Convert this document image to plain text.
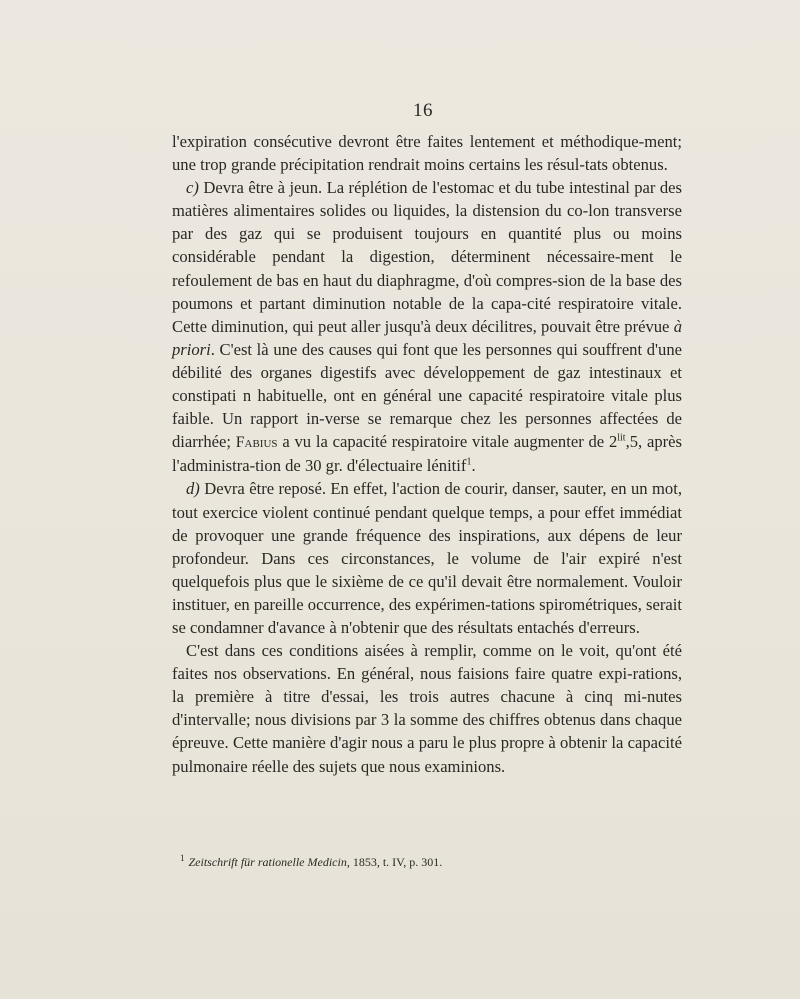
16

l'expiration consécutive devront être faites lentement et méthodique-ment; une trop grande précipitation rendrait moins certains les résul-tats obtenus.

c) Devra être à jeun. La réplétion de l'estomac et du tube intestinal par des matières alimentaires solides ou liquides, la distension du co-lon transverse par des gaz qui se produisent toujours en quantité plus ou moins considérable pendant la digestion, déterminent nécessaire-ment le refoulement de bas en haut du diaphragme, d'où compres-sion de la base des poumons et partant diminution notable de la capa-cité respiratoire vitale. Cette diminution, qui peut aller jusqu'à deux décilitres, pouvait être prévue à priori. C'est là une des causes qui font que les personnes qui souffrent d'une débilité des organes digestifs avec développement de gaz intestinaux et constipati n habituelle, ont en général une capacité respiratoire vitale plus faible. Un rapport in-verse se remarque chez les personnes affectées de diarrhée; Fabius a vu la capacité respiratoire vitale augmenter de $2^{lit},5$, après l'administra-tion de 30 gr. d'électuaire lénitif$^1$.

d) Devra être reposé. En effet, l'action de courir, danser, sauter, en un mot, tout exercice violent continué pendant quelque temps, a pour effet immédiat de provoquer une grande fréquence des inspirations, aux dépens de leur profondeur. Dans ces circonstances, le volume de l'air expiré n'est quelquefois plus que le sixième de ce qu'il devait être normalement. Vouloir instituer, en pareille occurrence, des expérimen-tations spirométriques, serait se condamner d'avance à n'obtenir que des résultats entachés d'erreurs.

C'est dans ces conditions aisées à remplir, comme on le voit, qu'ont été faites nos observations. En général, nous faisions faire quatre expi-rations, la première à titre d'essai, les trois autres chacune à cinq mi-nutes d'intervalle; nous divisions par 3 la somme des chiffres obtenus dans chaque épreuve. Cette manière d'agir nous a paru le plus propre à obtenir la capacité pulmonaire réelle des sujets que nous examinions.

$^1$ Zeitschrift für rationelle Medicin, 1853, t. IV, p. 301.
